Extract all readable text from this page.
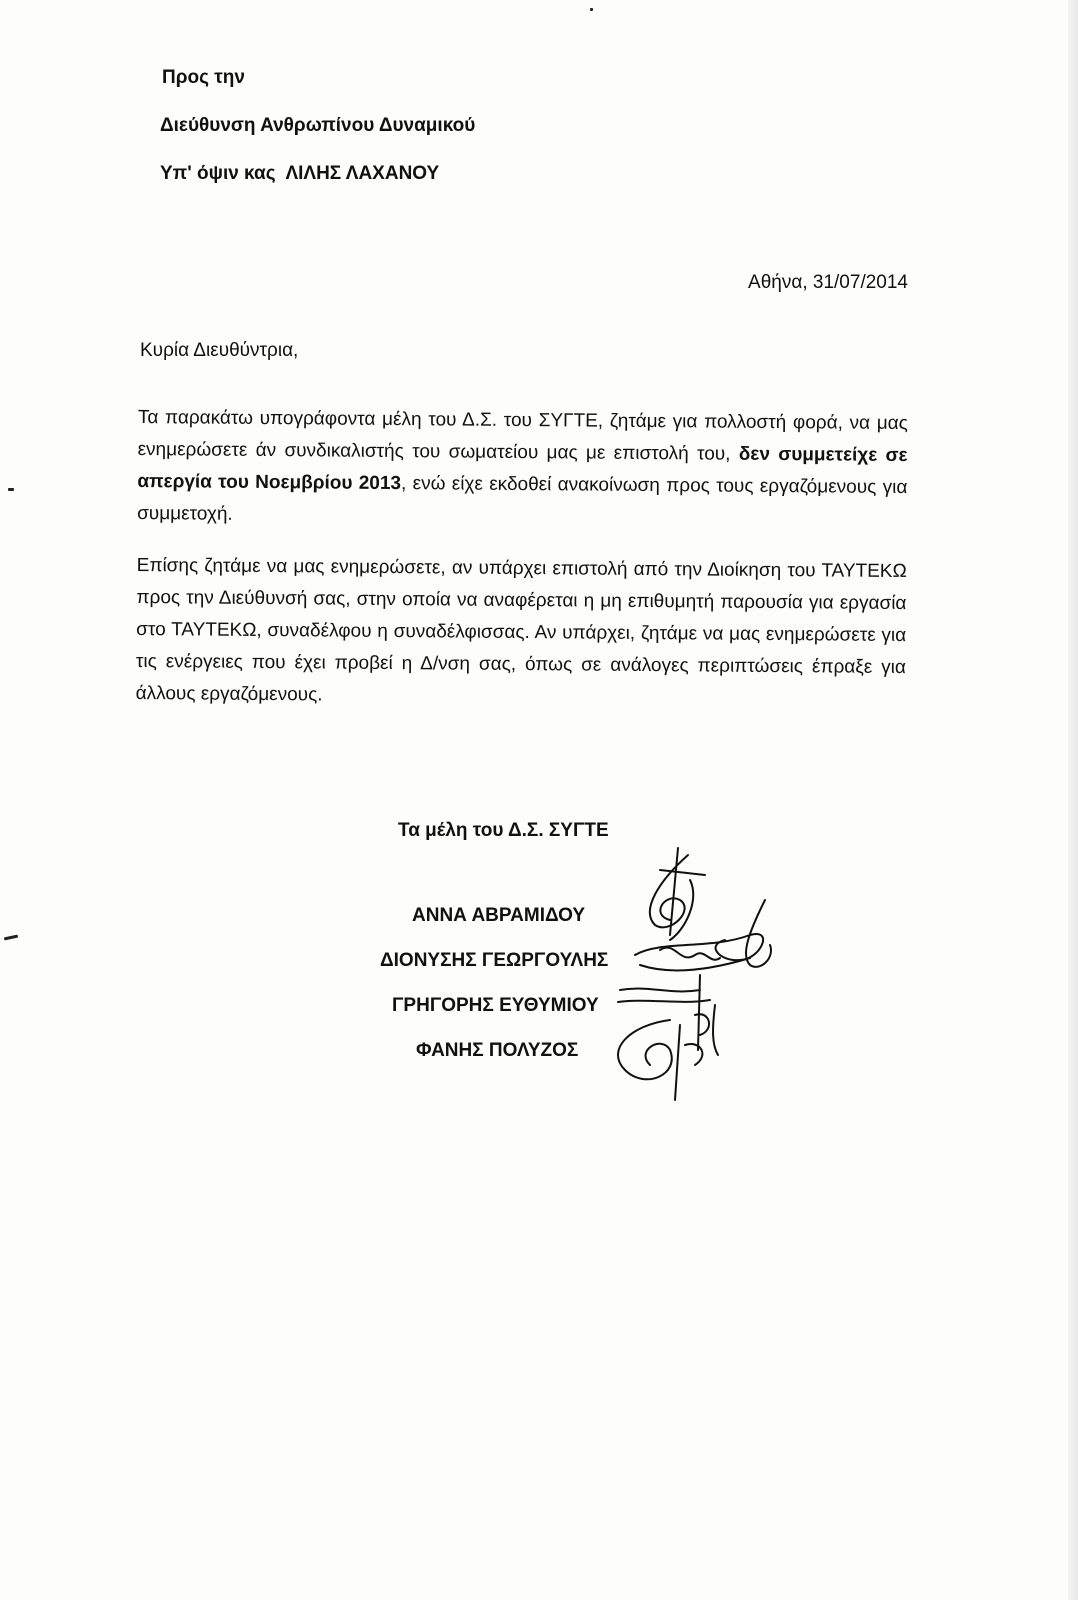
Προς την
Διεύθυνση Ανθρωπίνου Δυναμικού
Υπ' όψιν κας ΛΙΛΗΣ ΛΑΧΑΝΟΥ
Αθήνα, 31/07/2014
Κυρία Διευθύντρια,

Τα παρακάτω υπογράφοντα μέλη του Δ.Σ. του ΣΥΓΤΕ, ζητάμε για πολλοστή φορά, να μας ενημερώσετε άν συνδικαλιστής του σωματείου μας με επιστολή του, δεν συμμετείχε σε απεργία του Νοεμβρίου 2013, ενώ είχε εκδοθεί ανακοίνωση προς τους εργαζόμενους για συμμετοχή.

Επίσης ζητάμε να μας ενημερώσετε, αν υπάρχει επιστολή από την Διοίκηση του ΤΑΥΤΕΚΩ προς την Διεύθυνσή σας, στην οποία να αναφέρεται η μη επιθυμητή παρουσία για εργασία στο ΤΑΥΤΕΚΩ, συναδέλφου η συναδέλφισσας. Αν υπάρχει, ζητάμε να μας ενημερώσετε για τις ενέργειες που έχει προβεί η Δ/νση σας, όπως σε ανάλογες περιπτώσεις έπραξε για άλλους εργαζόμενους.

Τα μέλη του Δ.Σ. ΣΥΓΤΕ
ΑΝΝΑ ΑΒΡΑΜΙΔΟΥ
ΔΙΟΝΥΣΗΣ ΓΕΩΡΓΟΥΛΗΣ
ΓΡΗΓΟΡΗΣ ΕΥΘΥΜΙΟΥ
ΦΑΝΗΣ ΠΟΛΥΖΟΣ
